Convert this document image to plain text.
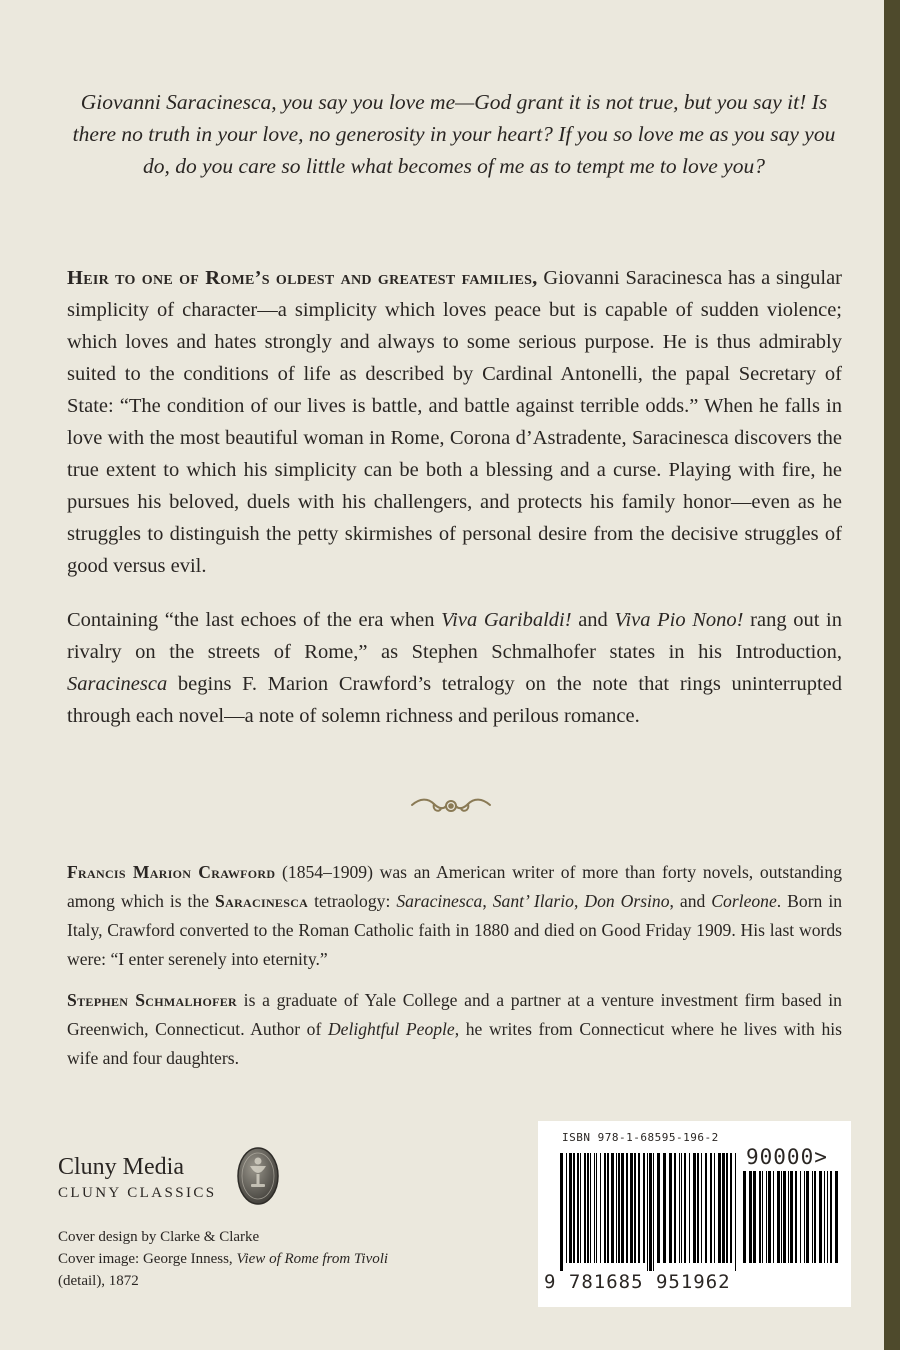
Giovanni Saracinesca, you say you love me—God grant it is not true, but you say it! Is there no truth in your love, no generosity in your heart? If you so love me as you say you do, do you care so little what becomes of me as to tempt me to love you?

Heir to one of Rome’s oldest and greatest families, Giovanni Saracinesca has a singular simplicity of character—a simplicity which loves peace but is capable of sudden violence; which loves and hates strongly and always to some serious purpose. He is thus admirably suited to the conditions of life as described by Cardinal Antonelli, the papal Secretary of State: “The condition of our lives is battle, and battle against terrible odds.” When he falls in love with the most beautiful woman in Rome, Corona d’Astradente, Saracinesca discovers the true extent to which his simplicity can be both a blessing and a curse. Playing with fire, he pursues his beloved, duels with his challengers, and protects his family honor—even as he struggles to distinguish the petty skirmishes of personal desire from the decisive struggles of good versus evil.

Containing “the last echoes of the era when Viva Garibaldi! and Viva Pio Nono! rang out in rivalry on the streets of Rome,” as Stephen Schmalhofer states in his Introduction, Saracinesca begins F. Marion Crawford’s tetralogy on the note that rings uninterrupted through each novel—a note of solemn richness and perilous romance.

Francis Marion Crawford (1854–1909) was an American writer of more than forty novels, outstanding among which is the Saracinesca tetraology: Saracinesca, Sant’ Ilario, Don Orsino, and Corleone. Born in Italy, Crawford converted to the Roman Catholic faith in 1880 and died on Good Friday 1909. His last words were: “I enter serenely into eternity.”

Stephen Schmalhofer is a graduate of Yale College and a partner at a venture investment firm based in Greenwich, Connecticut. Author of Delightful People, he writes from Connecticut where he lives with his wife and four daughters.

Cluny Media
CLUNY CLASSICS
Cover design by Clarke & Clarke
Cover image: George Inness, View of Rome from Tivoli
(detail), 1872
ISBN 978-1-68595-196-2
90000>
9 781685 951962
